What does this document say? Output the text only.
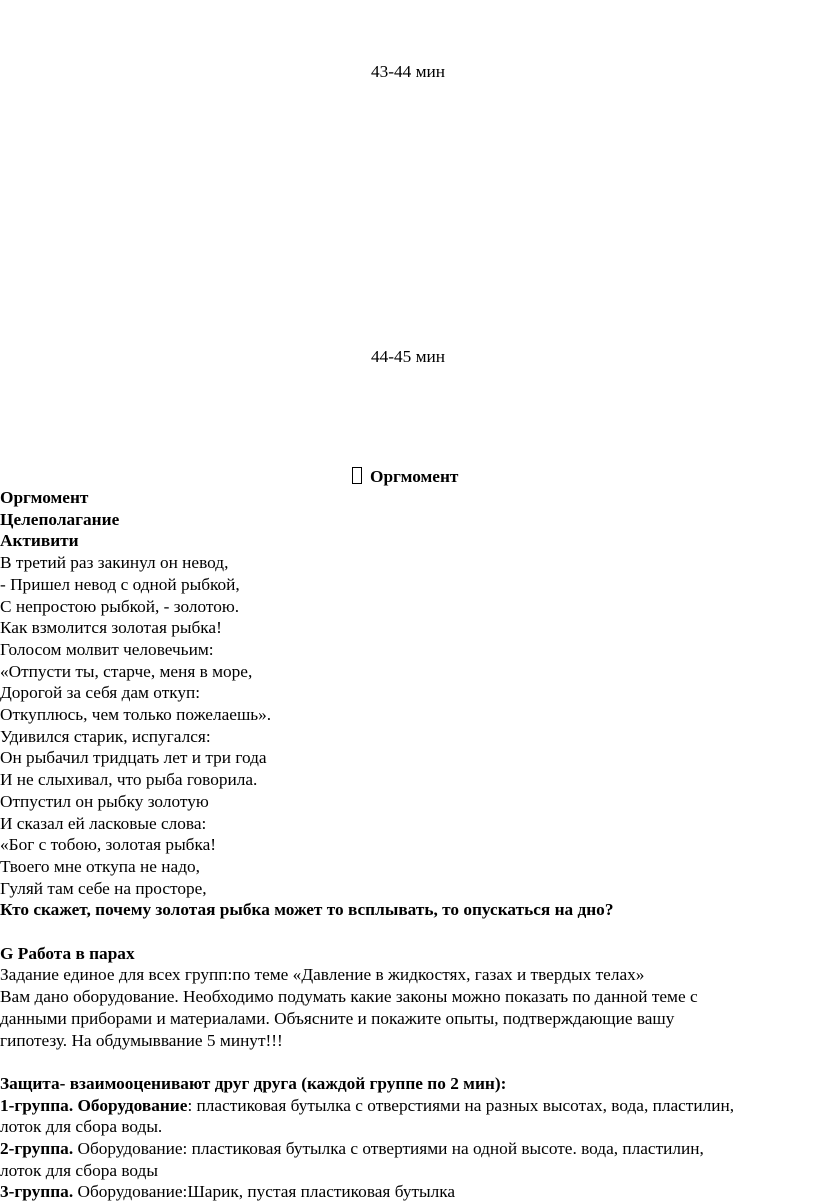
43-44 мин
44-45 мин
Оргмомент
Оргмомент
Целеполагание
Активити
В третий раз закинул он невод,
- Пришел невод с одной рыбкой,
С непростою рыбкой, - золотою.
Как взмолится золотая рыбка!
Голосом молвит человечьим:
«Отпусти ты, старче, меня в море,
Дорогой за себя дам откуп:
Откуплюсь, чем только пожелаешь».
Удивился старик, испугался:
Он рыбачил тридцать лет и три года
И не слыхивал, что рыба говорила.
Отпустил он рыбку золотую
И сказал ей ласковые слова:
«Бог с тобою, золотая рыбка!
Твоего мне откупа не надо,
Гуляй там себе на просторе,
Кто скажет, почему золотая рыбка может то всплывать, то опускаться на дно?
G Работа в парах
Задание единое для всех групп:по теме «Давление в жидкостях, газах и твердых телах»
Вам дано оборудование. Необходимо подумать какие законы можно показать по данной теме с
данными приборами и материалами. Объясните и покажите опыты, подтверждающие вашу
гипотезу. На обдумыввание 5 минут!!!
Защита- взаимооценивают друг друга (каждой группе по 2 мин):
1-группа. Оборудование: пластиковая бутылка с отверстиями на разных высотах, вода, пластилин,
лоток для сбора воды.
2-группа. Оборудование: пластиковая бутылка с отвертиями на одной высоте. вода, пластилин,
лоток для сбора воды
3-группа. Оборудование:Шарик, пустая пластиковая бутылка
